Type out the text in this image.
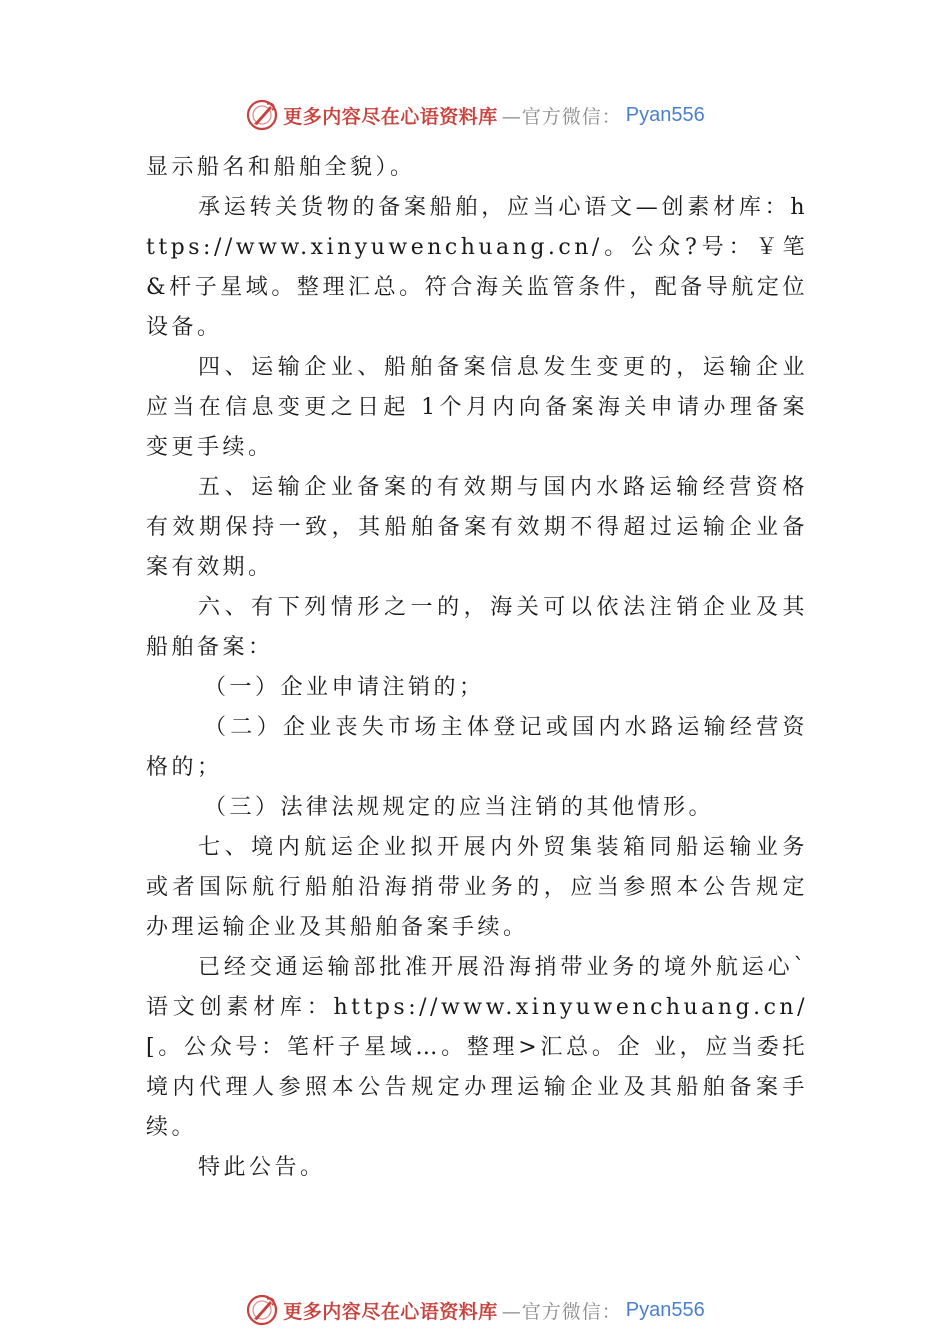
更多内容尽在心语资料库 —官方微信： Pyan556

显示船名和船舶全貌）。

承运转关货物的备案船舶，应当心语文—创素材库：https://www.xinyuwenchuang.cn/。公众?号：￥笔&杆子星域。整理汇总。符合海关监管条件，配备导航定位设备。

四、运输企业、船舶备案信息发生变更的，运输企业应当在信息变更之日起 1个月内向备案海关申请办理备案变更手续。

五、运输企业备案的有效期与国内水路运输经营资格有效期保持一致，其船舶备案有效期不得超过运输企业备案有效期。

六、有下列情形之一的，海关可以依法注销企业及其船舶备案：

（一）企业申请注销的；

（二）企业丧失市场主体登记或国内水路运输经营资格的；

（三）法律法规规定的应当注销的其他情形。

七、境内航运企业拟开展内外贸集装箱同船运输业务或者国际航行船舶沿海捎带业务的，应当参照本公告规定办理运输企业及其船舶备案手续。

已经交通运输部批准开展沿海捎带业务的境外航运心`语文创素材库：https://www.xinyuwenchuang.cn/[。公众号：笔杆子星域…。整理>汇总。企 业，应当委托境内代理人参照本公告规定办理运输企业及其船舶备案手续。

特此公告。

更多内容尽在心语资料库 —官方微信： Pyan556
